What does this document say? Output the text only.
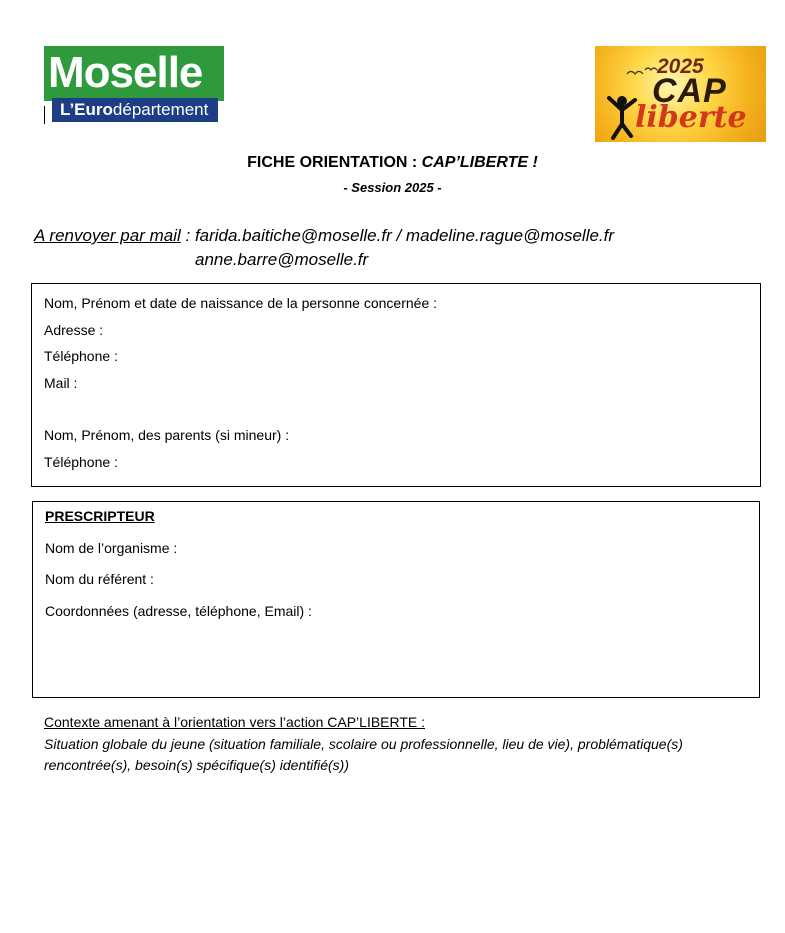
Moselle
L’Eurodépartement
2025
CAP
liberte
FICHE ORIENTATION : CAP’LIBERTE !
- Session 2025 -
A renvoyer par mail : farida.baitiche@moselle.fr / madeline.rague@moselle.fr
anne.barre@moselle.fr
Nom, Prénom et date de naissance de la personne concernée :
Adresse :
Téléphone :
Mail :
Nom, Prénom, des parents (si mineur) :
Téléphone :
PRESCRIPTEUR
Nom de l’organisme :
Nom du référent :
Coordonnées (adresse, téléphone, Email) :
Contexte amenant à l’orientation vers l’action CAP’LIBERTE :
Situation globale du jeune (situation familiale, scolaire ou professionnelle, lieu de vie), problématique(s) rencontrée(s), besoin(s) spécifique(s) identifié(s))
